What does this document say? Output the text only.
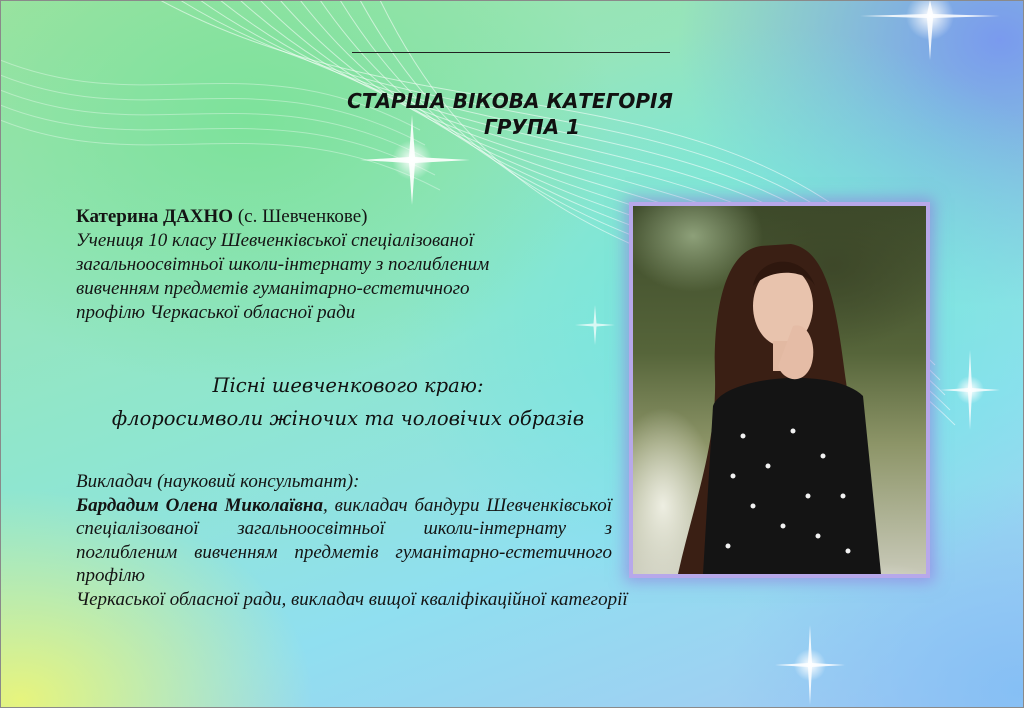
СТАРША ВІКОВА КАТЕГОРІЯ

ГРУПА 1
Катерина ДАХНО (с. Шевченкове)
Учениця 10 класу Шевченківської спеціалізованої
загальноосвітньої школи-інтернату з поглибленим
вивченням предметів гуманітарно-естетичного
профілю Черкаської обласної ради
Пісні шевченкового краю:
флоросимволи жіночих та чоловічих образів
Викладач (науковий консультант):
Бардадим Олена Миколаївна, викладач бандури Шевченківської спеціалізованої загальноосвітньої школи-інтернату з поглибленим вивченням предметів гуманітарно-естетичного профілю
Черкаської обласної ради, викладач вищої кваліфікаційної категорії
